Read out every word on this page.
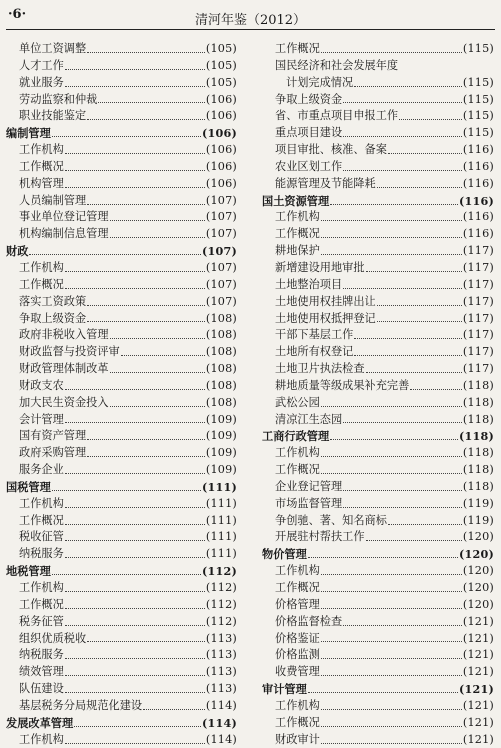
·6·	清河年鉴（2012）
单位工资调整	(105)
人才工作	(105)
就业服务	(105)
劳动监察和仲裁	(106)
职业技能鉴定	(106)
编制管理	(106)
工作机构	(106)
工作概况	(106)
机构管理	(106)
人员编制管理	(107)
事业单位登记管理	(107)
机构编制信息管理	(107)
财政	(107)
工作机构	(107)
工作概况	(107)
落实工资政策	(107)
争取上级资金	(108)
政府非税收入管理	(108)
财政监督与投资评审	(108)
财政管理体制改革	(108)
财政支农	(108)
加大民生资金投入	(108)
会计管理	(109)
国有资产管理	(109)
政府采购管理	(109)
服务企业	(109)
国税管理	(111)
工作机构	(111)
工作概况	(111)
税收征管	(111)
纳税服务	(111)
地税管理	(112)
工作机构	(112)
工作概况	(112)
税务征管	(112)
组织优质税收	(113)
纳税服务	(113)
绩效管理	(113)
队伍建设	(113)
基层税务分局规范化建设	(114)
发展改革管理	(114)
工作机构	(114)
工作概况	(115)
国民经济和社会发展年度
计划完成情况	(115)
争取上级资金	(115)
省、市重点项目申报工作	(115)
重点项目建设	(115)
项目审批、核准、备案	(116)
农业区划工作	(116)
能源管理及节能降耗	(116)
国土资源管理	(116)
工作机构	(116)
工作概况	(116)
耕地保护	(117)
新增建设用地审批	(117)
土地整治项目	(117)
土地使用权挂牌出让	(117)
土地使用权抵押登记	(117)
干部下基层工作	(117)
土地所有权登记	(117)
土地卫片执法检查	(117)
耕地质量等级成果补充完善	(118)
武松公园	(118)
清凉江生态园	(118)
工商行政管理	(118)
工作机构	(118)
工作概况	(118)
企业登记管理	(118)
市场监督管理	(119)
争创驰、著、知名商标	(119)
开展驻村帮扶工作	(120)
物价管理	(120)
工作机构	(120)
工作概况	(120)
价格管理	(120)
价格监督检查	(121)
价格鉴证	(121)
价格监测	(121)
收费管理	(121)
审计管理	(121)
工作机构	(121)
工作概况	(121)
财政审计	(121)
